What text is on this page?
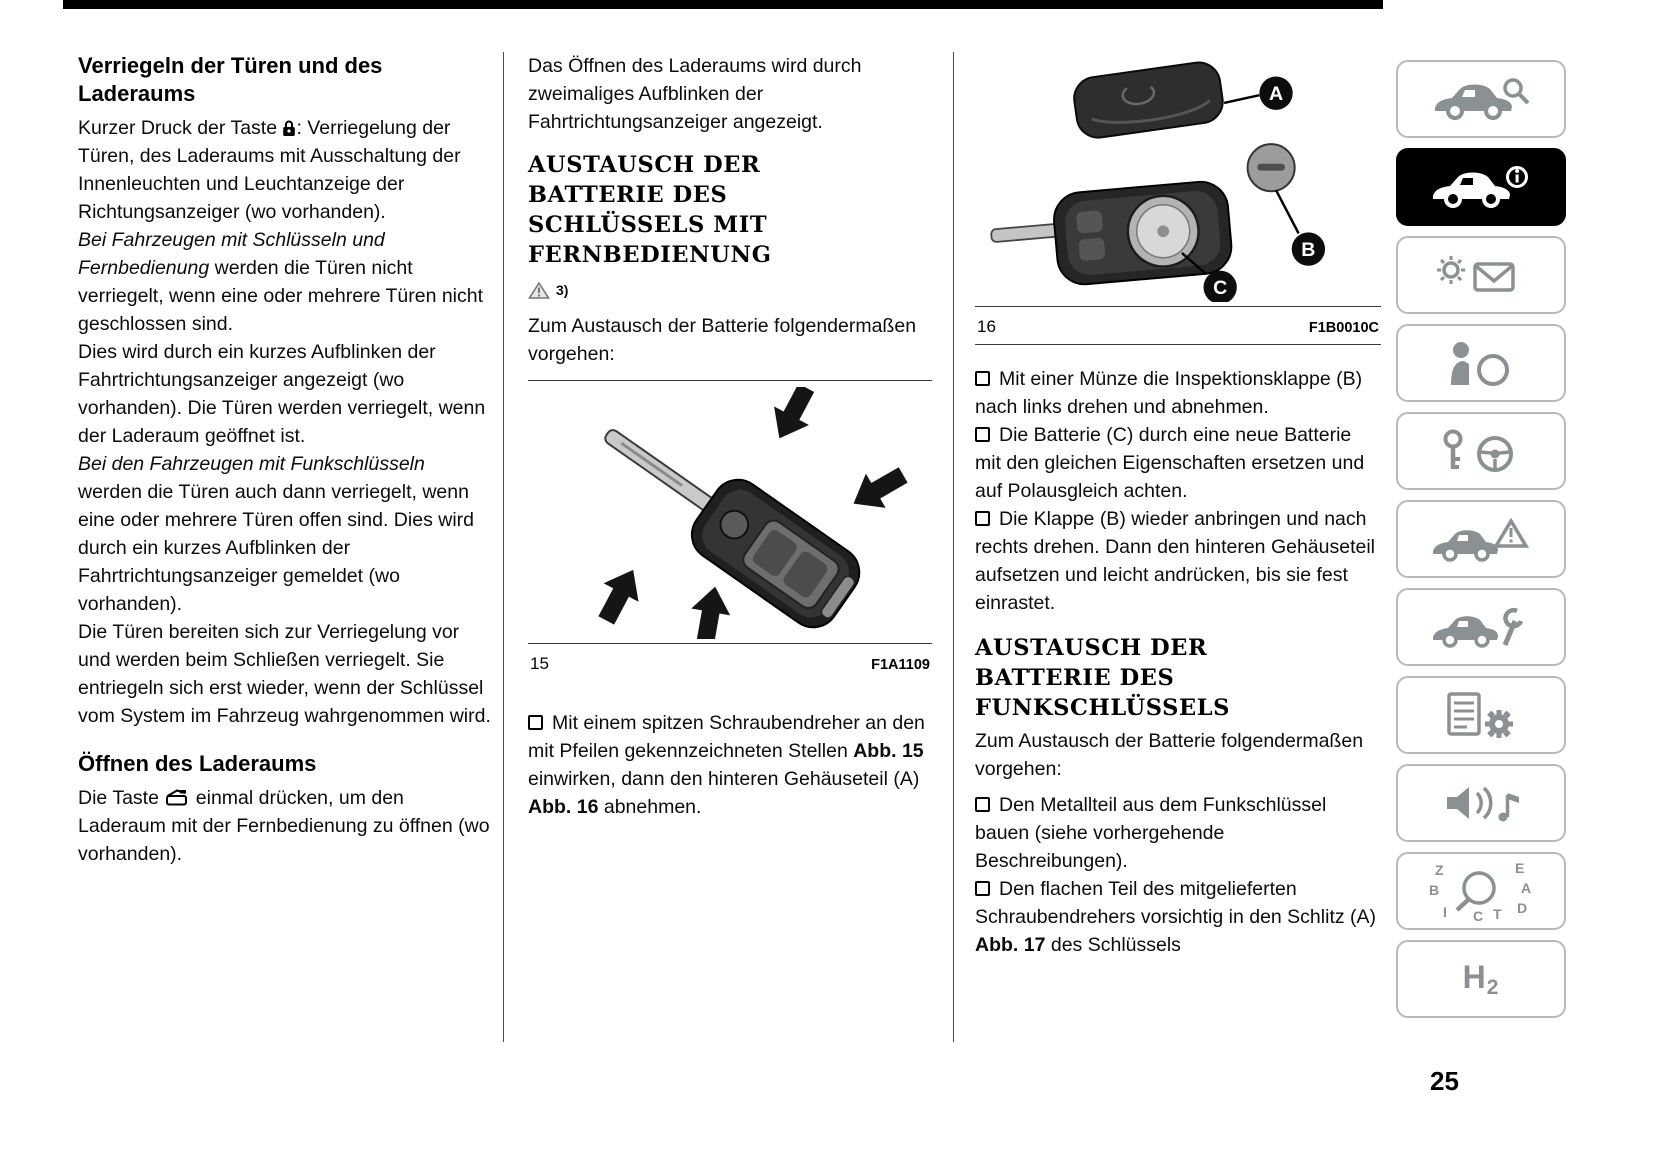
Verriegeln der Türen und des Laderaums

Kurzer Druck der Taste : Verriegelung der Türen, des Laderaums mit Ausschaltung der Innenleuchten und Leuchtanzeige der Richtungsanzeiger (wo vorhanden).

Bei Fahrzeugen mit Schlüsseln und Fernbedienung werden die Türen nicht verriegelt, wenn eine oder mehrere Türen nicht geschlossen sind.

Dies wird durch ein kurzes Aufblinken der Fahrtrichtungsanzeiger angezeigt (wo vorhanden). Die Türen werden verriegelt, wenn der Laderaum geöffnet ist.

Bei den Fahrzeugen mit Funkschlüsseln werden die Türen auch dann verriegelt, wenn eine oder mehrere Türen offen sind. Dies wird durch ein kurzes Aufblinken der Fahrtrichtungsanzeiger gemeldet (wo vorhanden).

Die Türen bereiten sich zur Verriegelung vor und werden beim Schließen verriegelt. Sie entriegeln sich erst wieder, wenn der Schlüssel vom System im Fahrzeug wahrgenommen wird.

Öffnen des Laderaums

Die Taste  einmal drücken, um den Laderaum mit der Fernbedienung zu öffnen (wo vorhanden).

Das Öffnen des Laderaums wird durch zweimaliges Aufblinken der Fahrtrichtungsanzeiger angezeigt.

AUSTAUSCH DER BATTERIE DES SCHLÜSSELS MIT FERNBEDIENUNG
3)

Zum Austausch der Batterie folgendermaßen vorgehen:

15	F1A1109

Mit einem spitzen Schraubendreher an den mit Pfeilen gekennzeichneten Stellen Abb. 15 einwirken, dann den hinteren Gehäuseteil (A) Abb. 16 abnehmen.

A
B
C
16	F1B0010C

Mit einer Münze die Inspektionsklappe (B) nach links drehen und abnehmen.

Die Batterie (C) durch eine neue Batterie mit den gleichen Eigenschaften ersetzen und auf Polausgleich achten.

Die Klappe (B) wieder anbringen und nach rechts drehen. Dann den hinteren Gehäuseteil aufsetzen und leicht andrücken, bis sie fest einrastet.

AUSTAUSCH DER BATTERIE DES FUNKSCHLÜSSELS

Zum Austausch der Batterie folgendermaßen vorgehen:

Den Metallteil aus dem Funkschlüssel bauen (siehe vorhergehende Beschreibungen).

Den flachen Teil des mitgelieferten Schraubendrehers vorsichtig in den Schlitz (A) Abb. 17 des Schlüssels

Z	E
B	A
I C T D
$H_2$
25
